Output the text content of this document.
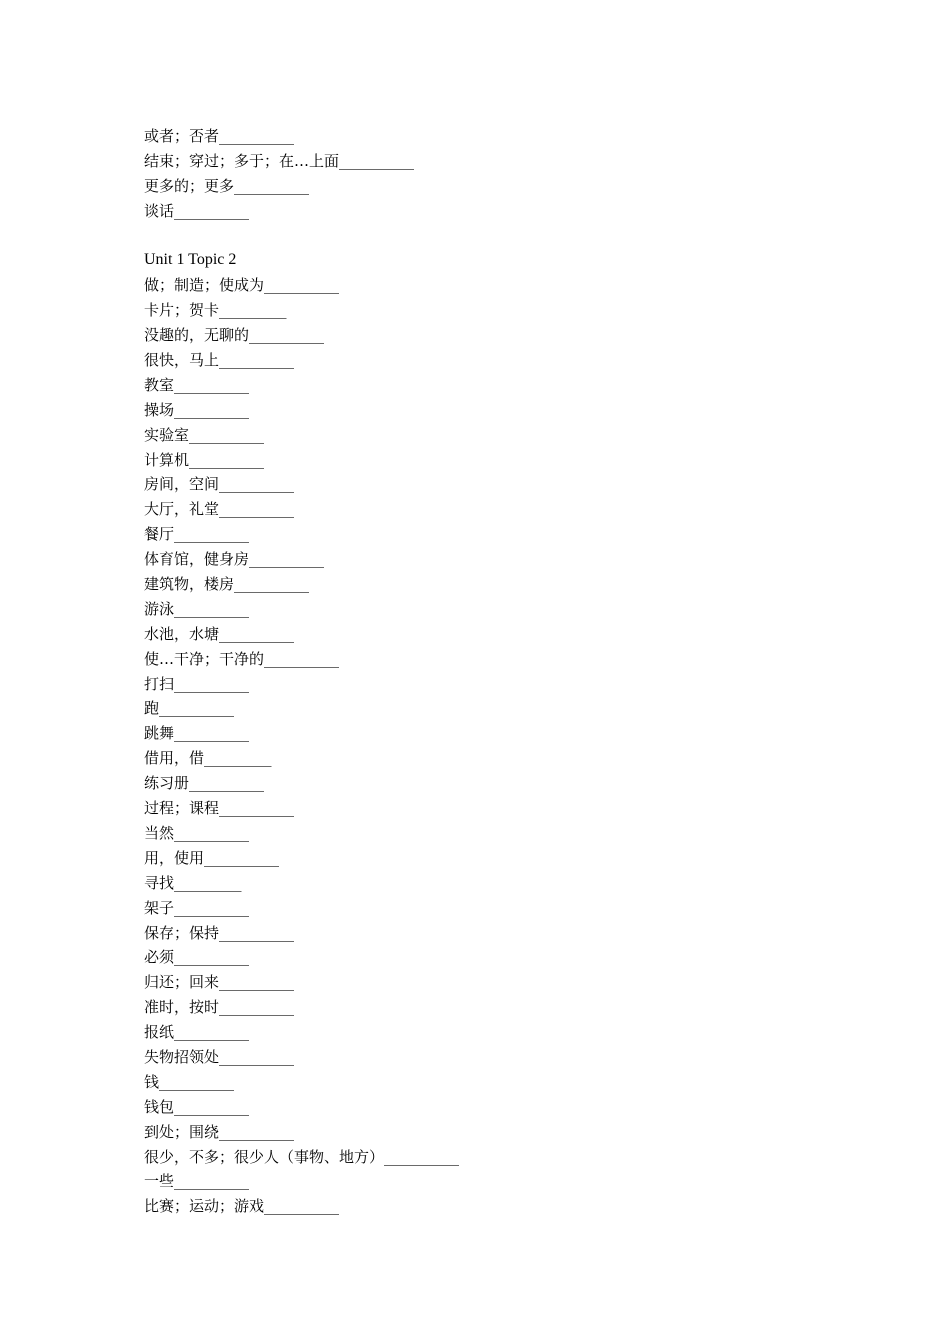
或者；否者__________
结束；穿过；多于；在…上面__________
更多的；更多__________
谈话__________
Unit 1 Topic 2
做；制造；使成为__________
卡片；贺卡_________
没趣的，无聊的__________
很快，马上__________
教室__________
操场__________
实验室__________
计算机__________
房间，空间__________
大厅，礼堂__________
餐厅__________
体育馆，健身房__________
建筑物，楼房__________
游泳__________
水池，水塘__________
使…干净；干净的__________
打扫__________
跑__________
跳舞__________
借用，借_________
练习册__________
过程；课程__________
当然__________
用，使用__________
寻找_________
架子__________
保存；保持__________
必须__________
归还；回来__________
准时，按时__________
报纸__________
失物招领处__________
钱__________
钱包__________
到处；围绕__________
很少，不多；很少人（事物、地方）__________
一些__________
比赛；运动；游戏__________
